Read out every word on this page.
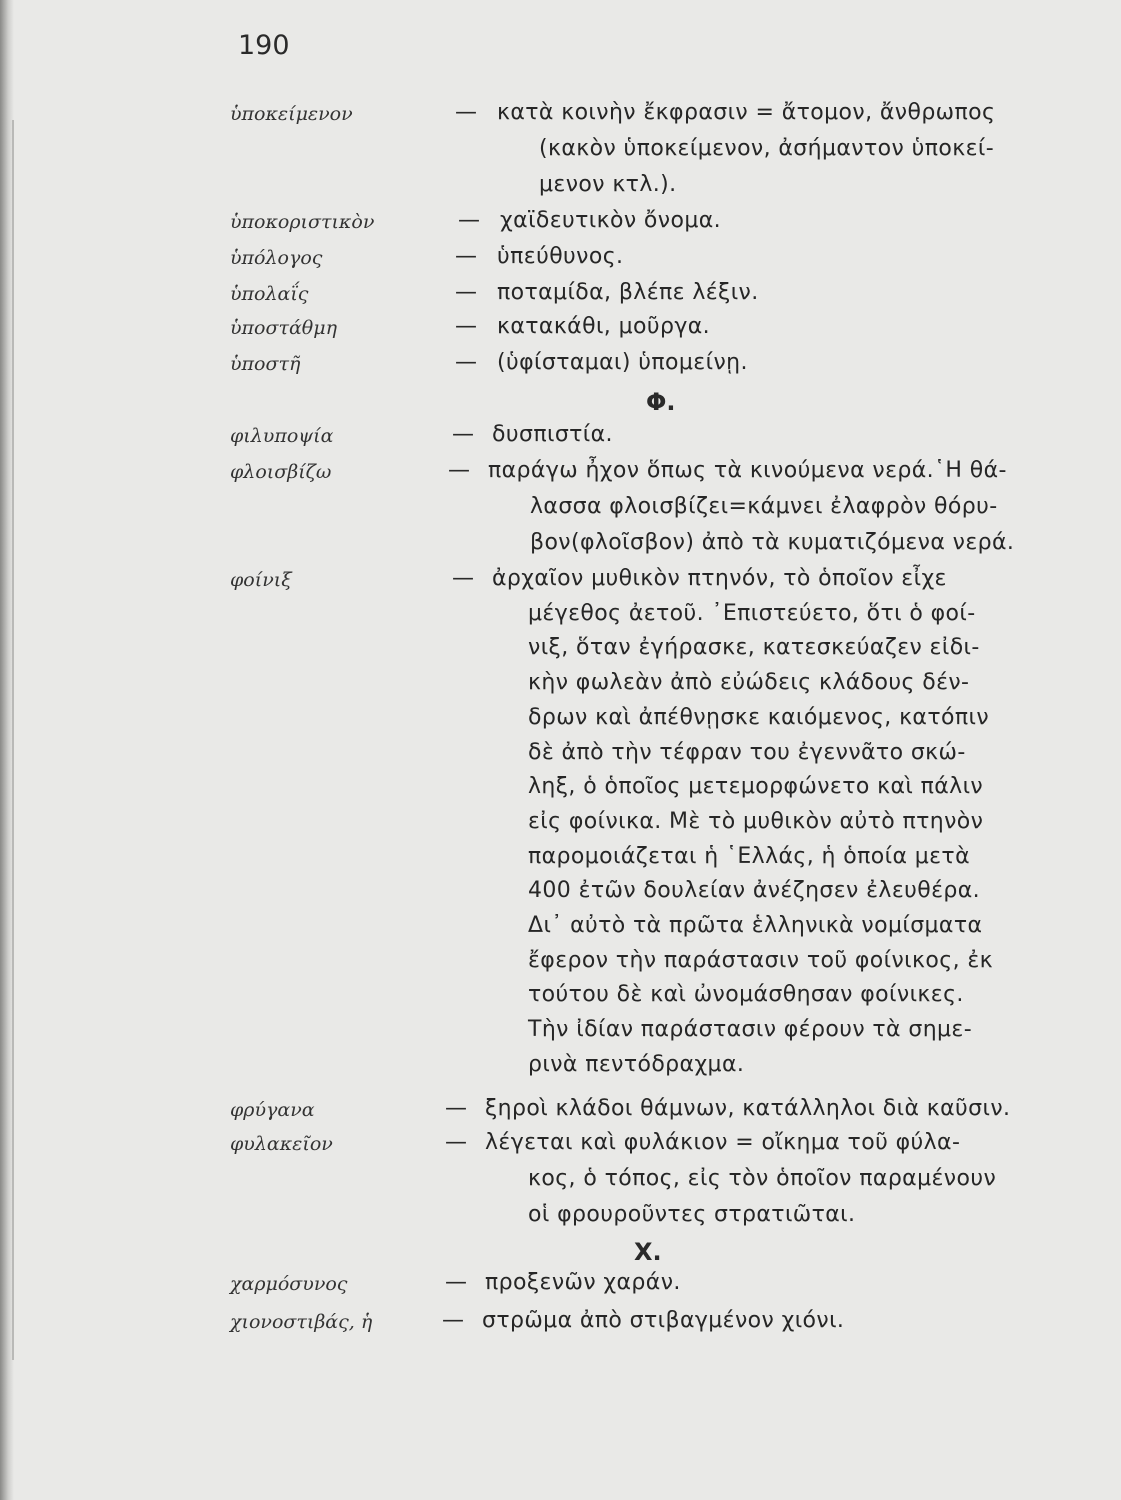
190
Φ.
Χ.
ὑποκείμενον	— κατὰ κοινὴν ἔκφρασιν = ἄτομον, ἄνθρωπος
(κακὸν ὑποκείμενον, ἀσήμαντον ὑποκεί-
μενον κτλ.).
ὑποκοριστικὸν	— χαϊδευτικὸν ὄνομα.
ὑπόλογος	— ὑπεύθυνος.
ὑπολαΐς	— ποταμίδα, βλέπε λέξιν.
ὑποστάθμη	— κατακάθι, μοῦργα.
ὑποστῆ	— (ὑφίσταμαι) ὑπομείνῃ.
φιλυποψία	— δυσπιστία.
φλοισβίζω	— παράγω ἦχον ὅπως τὰ κινούμενα νερά.῾Η θά-
λασσα φλοισβίζει=κάμνει ἐλαφρὸν θόρυ-
βον(φλοῖσβον) ἀπὸ τὰ κυματιζόμενα νερά.
φοίνιξ	— ἀρχαῖον μυθικὸν πτηνόν, τὸ ὁποῖον εἶχε
μέγεθος ἀετοῦ. ᾿Επιστεύετο, ὅτι ὁ φοί-
νιξ, ὅταν ἐγήρασκε, κατεσκεύαζεν εἰδι-
κὴν φωλεὰν ἀπὸ εὐώδεις κλάδους δέν-
δρων καὶ ἀπέθνῃσκε καιόμενος, κατόπιν
δὲ ἀπὸ τὴν τέφραν του ἐγεννᾶτο σκώ-
ληξ, ὁ ὁποῖος μετεμορφώνετο καὶ πάλιν
εἰς φοίνικα. Μὲ τὸ μυθικὸν αὐτὸ πτηνὸν
παρομοιάζεται ἡ ῾Ελλάς, ἡ ὁποία μετὰ
400 ἐτῶν δουλείαν ἀνέζησεν ἐλευθέρα.
Δι᾿ αὐτὸ τὰ πρῶτα ἑλληνικὰ νομίσματα
ἔφερον τὴν παράστασιν τοῦ φοίνικος, ἐκ
τούτου δὲ καὶ ὠνομάσθησαν φοίνικες.
Τὴν ἰδίαν παράστασιν φέρουν τὰ σημε-
ρινὰ πεντόδραχμα.
φρύγανα	— ξηροὶ κλάδοι θάμνων, κατάλληλοι διὰ καῦσιν.
φυλακεῖον	— λέγεται καὶ φυλάκιον = οἴκημα τοῦ φύλα-
κος, ὁ τόπος, εἰς τὸν ὁποῖον παραμένουν
οἱ φρουροῦντες στρατιῶται.
χαρμόσυνος	— προξενῶν χαράν.
χιονοστιβάς, ἡ	— στρῶμα ἀπὸ στιβαγμένον χιόνι.
